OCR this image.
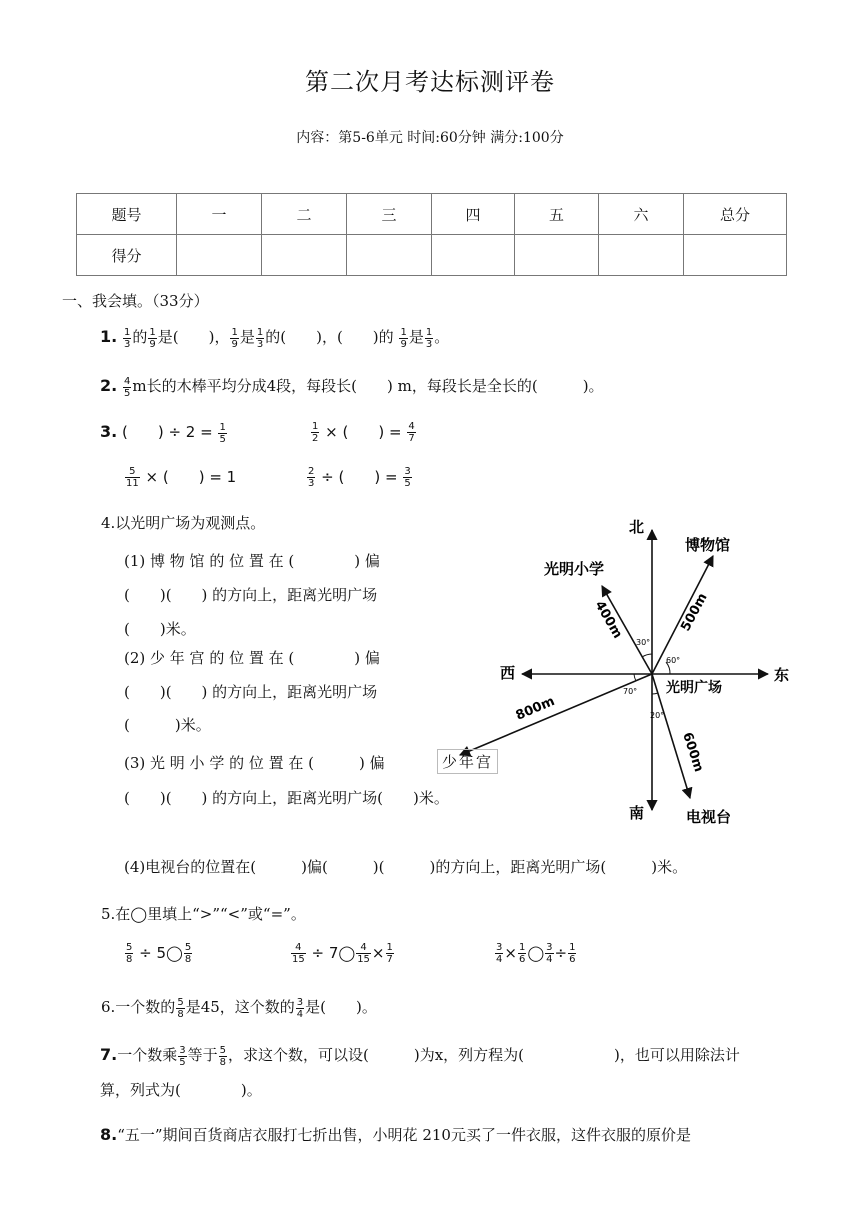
第二次月考达标测评卷
内容：第5-6单元 时间:60分钟 满分:100分
题号	一	二	三	四	五	六	总分
得分							
一、我会填。（33分）
1. $\frac{1}{3}$ 的 $\frac{1}{9}$ 是(　　)， $\frac{1}{9}$ 是 $\frac{1}{3}$ 的(　　)，(　　)的 $\frac{1}{9}$ 是 $\frac{1}{3}$ 。
2. $\frac{4}{5}$ m长的木棒平均分成4段，每段长(　　) m，每段长是全长的(　　　)。
3. (　　) ÷ $2 = \frac{1}{5}$	$\frac{1}{2}$ × (　　) = $\frac{4}{7}$
$\frac{5}{11}$ × (　　) = 1	$\frac{2}{3}$ ÷ (　　) = $\frac{3}{5}$
4.以光明广场为观测点。
(1) 博 物 馆 的 位 置 在 (　　　　) 偏
(　　)(　　) 的方向上，距离光明广场
(　　)米。
(2) 少 年 宫 的 位 置 在 (　　　　) 偏
(　　)(　　) 的方向上，距离光明广场
(　　　)米。
(3) 光 明 小 学 的 位 置 在 (　　　) 偏
(　　)(　　) 的方向上，距离光明广场(　　)米。
(4)电视台的位置在(　　　)偏(　　　)(　　　)的方向上，距离光明广场(　　　)米。
北
南
西	东
光明广场
博物馆
光明小学
电视台
500m
400m
800m
600m
30°
60°
70°
20°
少年宫
5.在◯里填上“>”“<”或“=”。
$\frac{5}{8}$ ÷ 5◯ $\frac{5}{8}$	$\frac{4}{15}$ ÷ 7◯ $\frac{4}{15} \times \frac{1}{7}$	$\frac{3}{4} \times \frac{1}{6}$ ◯ $\frac{3}{4} \div \frac{1}{6}$
6.一个数的 $\frac{5}{8}$ 是45，这个数的 $\frac{3}{4}$ 是(　　)。
7.一个数乘 $\frac{3}{5}$ 等于 $\frac{5}{8}$ ，求这个数，可以设(　　　)为x，列方程为(　　　　　　)，也可以用除法计
算，列式为(　　　　)。
8.“五一”期间百货商店衣服打七折出售，小明花 210元买了一件衣服，这件衣服的原价是
